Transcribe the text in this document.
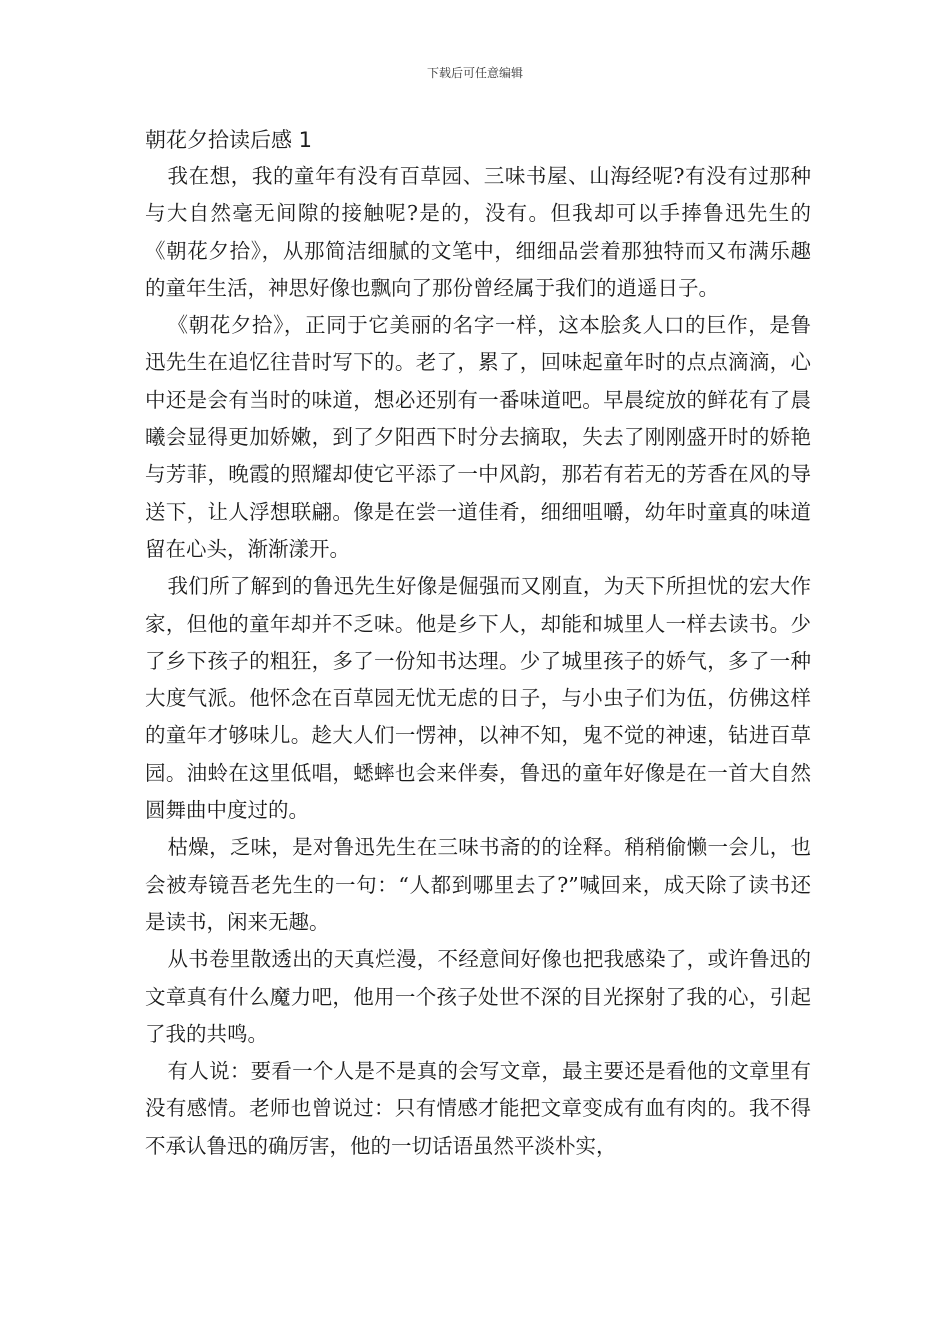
下载后可任意编辑
朝花夕拾读后感 1

我在想，我的童年有没有百草园、三味书屋、山海经呢?有没有过那种与大自然毫无间隙的接触呢?是的，没有。但我却可以手捧鲁迅先生的《朝花夕拾》，从那简洁细腻的文笔中，细细品尝着那独特而又布满乐趣的童年生活，神思好像也飘向了那份曾经属于我们的逍遥日子。

《朝花夕拾》，正同于它美丽的名字一样，这本脍炙人口的巨作，是鲁迅先生在追忆往昔时写下的。老了，累了，回味起童年时的点点滴滴，心中还是会有当时的味道，想必还别有一番味道吧。早晨绽放的鲜花有了晨曦会显得更加娇嫩，到了夕阳西下时分去摘取，失去了刚刚盛开时的娇艳与芳菲，晚霞的照耀却使它平添了一中风韵，那若有若无的芳香在风的导送下，让人浮想联翩。像是在尝一道佳肴，细细咀嚼，幼年时童真的味道留在心头，渐渐漾开。

我们所了解到的鲁迅先生好像是倔强而又刚直，为天下所担忧的宏大作家，但他的童年却并不乏味。他是乡下人，却能和城里人一样去读书。少了乡下孩子的粗狂，多了一份知书达理。少了城里孩子的娇气，多了一种大度气派。他怀念在百草园无忧无虑的日子，与小虫子们为伍，仿佛这样的童年才够味儿。趁大人们一愣神，以神不知，鬼不觉的神速，钻进百草园。油蛉在这里低唱，蟋蟀也会来伴奏，鲁迅的童年好像是在一首大自然圆舞曲中度过的。

枯燥，乏味，是对鲁迅先生在三味书斋的的诠释。稍稍偷懒一会儿，也会被寿镜吾老先生的一句：“人都到哪里去了?”喊回来，成天除了读书还是读书，闲来无趣。

从书卷里散透出的天真烂漫，不经意间好像也把我感染了，或许鲁迅的文章真有什么魔力吧，他用一个孩子处世不深的目光探射了我的心，引起了我的共鸣。

有人说：要看一个人是不是真的会写文章，最主要还是看他的文章里有没有感情。老师也曾说过：只有情感才能把文章变成有血有肉的。我不得不承认鲁迅的确厉害，他的一切话语虽然平淡朴实，
